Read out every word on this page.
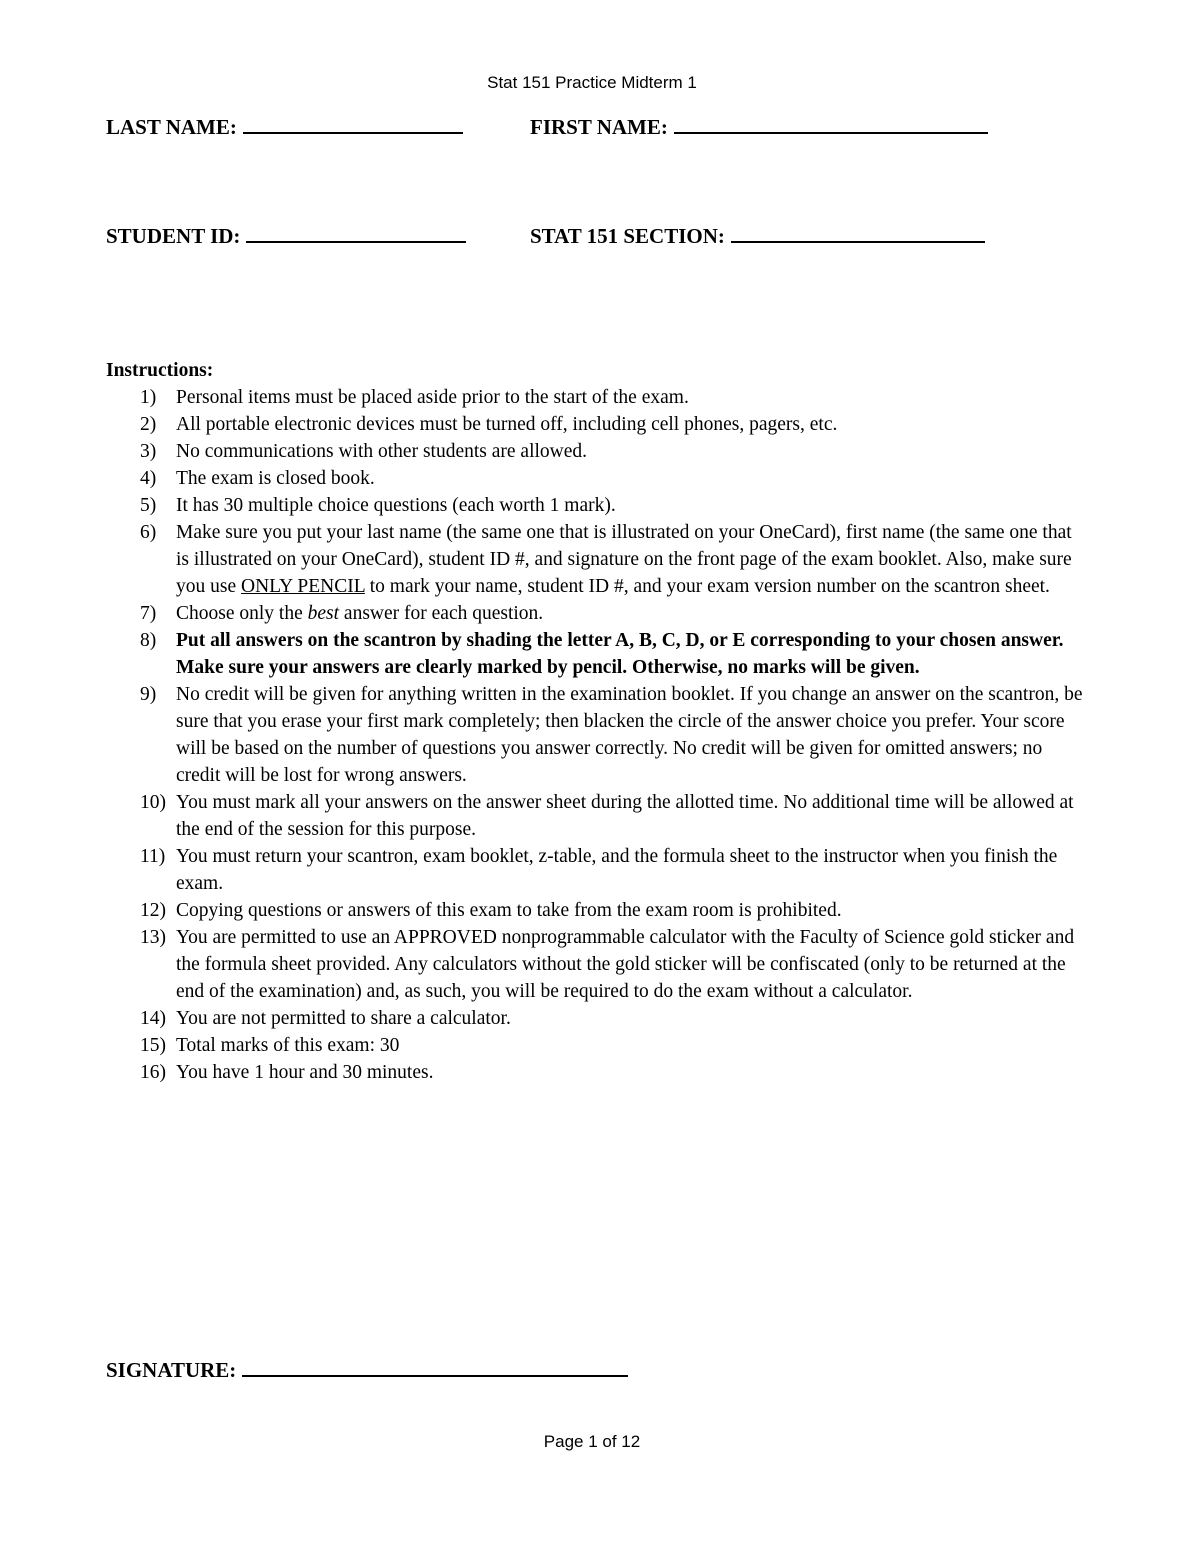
Stat 151 Practice Midterm 1
LAST NAME:	FIRST NAME:
STUDENT ID:	STAT 151 SECTION:
Instructions:
1) Personal items must be placed aside prior to the start of the exam.
2) All portable electronic devices must be turned off, including cell phones, pagers, etc.
3) No communications with other students are allowed.
4) The exam is closed book.
5) It has 30 multiple choice questions (each worth 1 mark).
6) Make sure you put your last name (the same one that is illustrated on your OneCard), first name (the same one that is illustrated on your OneCard), student ID #, and signature on the front page of the exam booklet. Also, make sure you use ONLY PENCIL to mark your name, student ID #, and your exam version number on the scantron sheet.
7) Choose only the best answer for each question.
8) Put all answers on the scantron by shading the letter A, B, C, D, or E corresponding to your chosen answer. Make sure your answers are clearly marked by pencil. Otherwise, no marks will be given.
9) No credit will be given for anything written in the examination booklet. If you change an answer on the scantron, be sure that you erase your first mark completely; then blacken the circle of the answer choice you prefer. Your score will be based on the number of questions you answer correctly. No credit will be given for omitted answers; no credit will be lost for wrong answers.
10) You must mark all your answers on the answer sheet during the allotted time. No additional time will be allowed at the end of the session for this purpose.
11) You must return your scantron, exam booklet, z-table, and the formula sheet to the instructor when you finish the exam.
12) Copying questions or answers of this exam to take from the exam room is prohibited.
13) You are permitted to use an APPROVED nonprogrammable calculator with the Faculty of Science gold sticker and the formula sheet provided. Any calculators without the gold sticker will be confiscated (only to be returned at the end of the examination) and, as such, you will be required to do the exam without a calculator.
14) You are not permitted to share a calculator.
15) Total marks of this exam: 30
16) You have 1 hour and 30 minutes.
SIGNATURE:
Page 1 of 12
